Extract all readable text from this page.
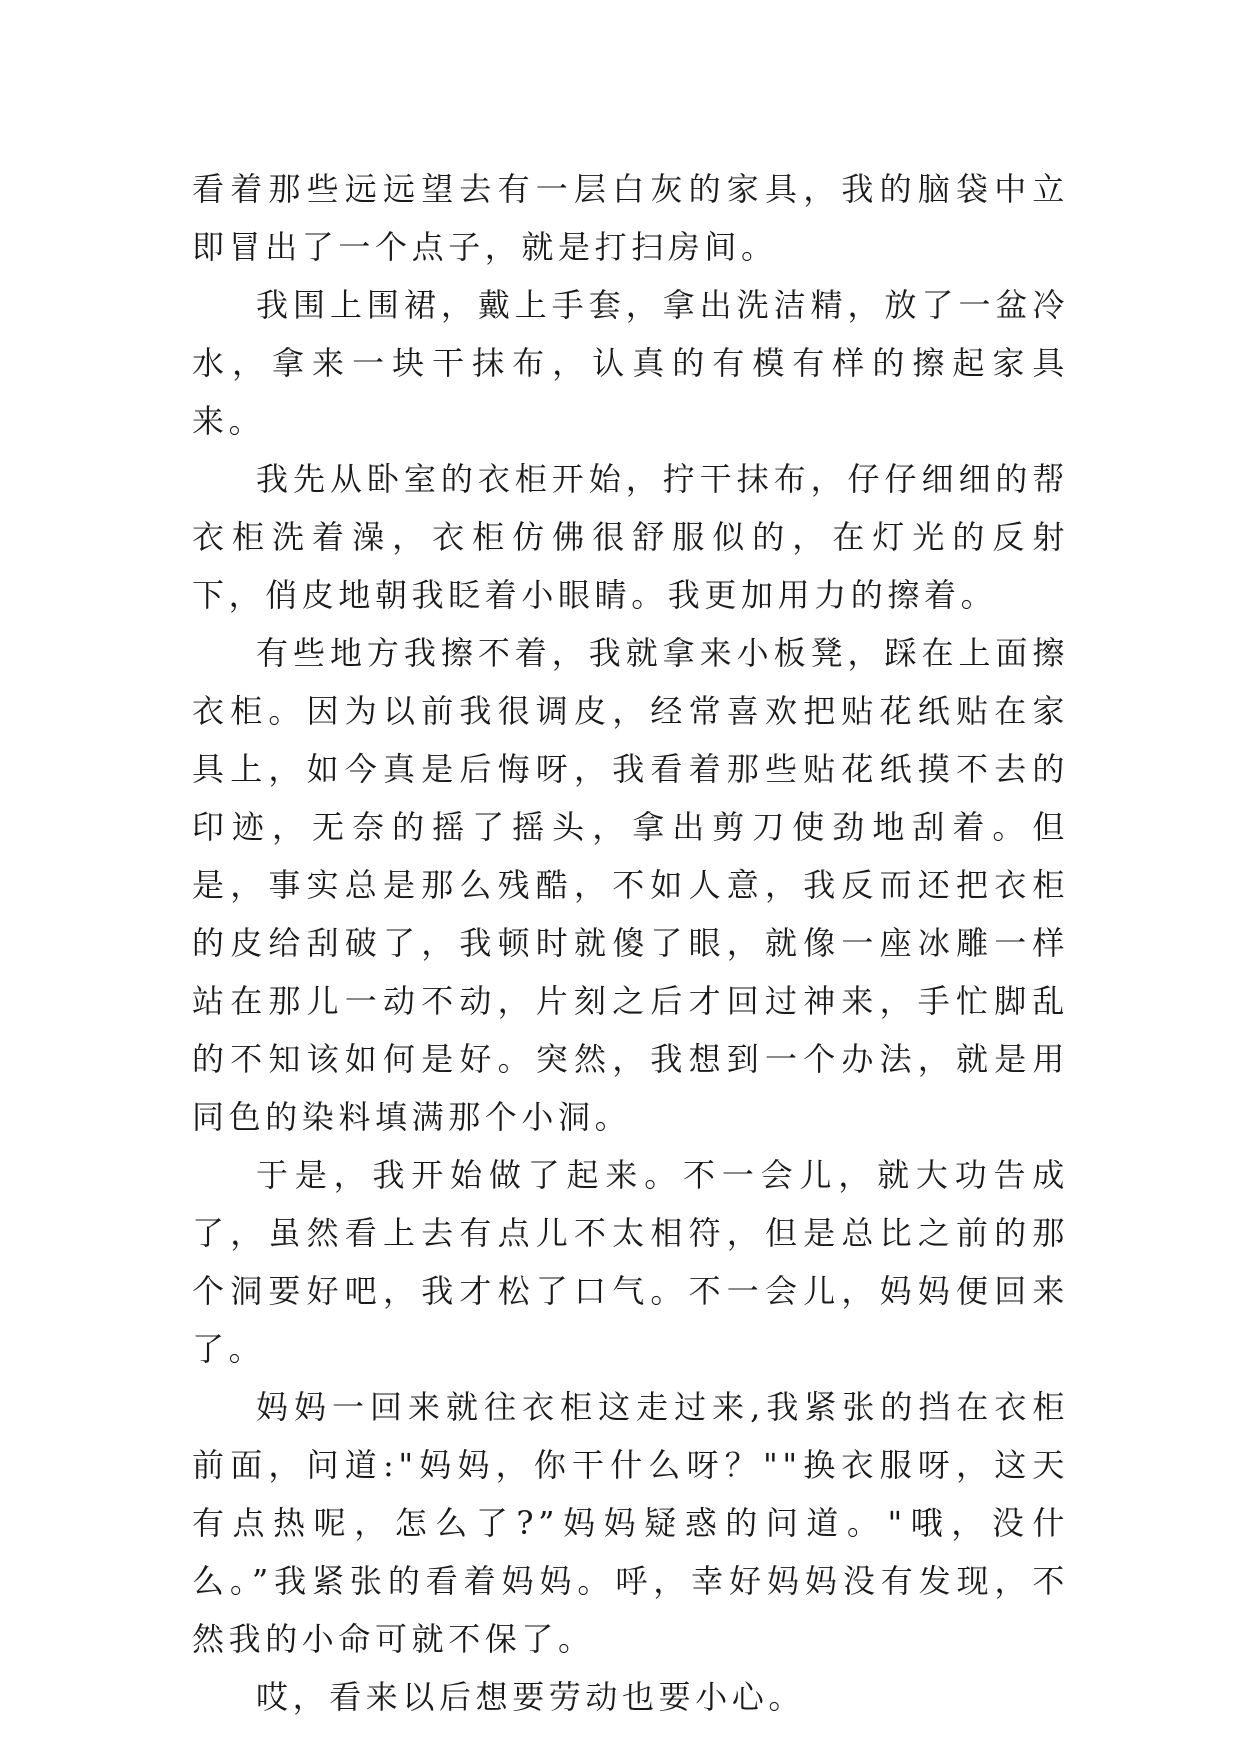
看着那些远远望去有一层白灰的家具，我的脑袋中立即冒出了一个点子，就是打扫房间。

我围上围裙，戴上手套，拿出洗洁精，放了一盆冷水，拿来一块干抹布，认真的有模有样的擦起家具来。

我先从卧室的衣柜开始，拧干抹布，仔仔细细的帮衣柜洗着澡，衣柜仿佛很舒服似的，在灯光的反射下，俏皮地朝我眨着小眼睛。我更加用力的擦着。

有些地方我擦不着，我就拿来小板凳，踩在上面擦衣柜。因为以前我很调皮，经常喜欢把贴花纸贴在家具上，如今真是后悔呀，我看着那些贴花纸摸不去的印迹，无奈的摇了摇头，拿出剪刀使劲地刮着。但是，事实总是那么残酷，不如人意，我反而还把衣柜的皮给刮破了，我顿时就傻了眼，就像一座冰雕一样站在那儿一动不动，片刻之后才回过神来，手忙脚乱的不知该如何是好。突然，我想到一个办法，就是用同色的染料填满那个小洞。

于是，我开始做了起来。不一会儿，就大功告成了，虽然看上去有点儿不太相符，但是总比之前的那个洞要好吧，我才松了口气。不一会儿，妈妈便回来了。

妈妈一回来就往衣柜这走过来,我紧张的挡在衣柜前面，问道:"妈妈，你干什么呀？""换衣服呀，这天有点热呢，怎么了?”妈妈疑惑的问道。"哦，没什么。”我紧张的看着妈妈。呼，幸好妈妈没有发现，不然我的小命可就不保了。

哎，看来以后想要劳动也要小心。
